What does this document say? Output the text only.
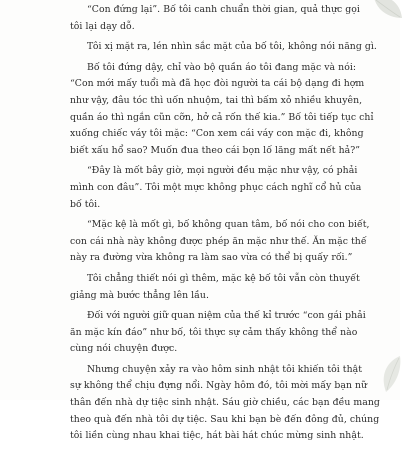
“Con đứng lại”. Bố tôi canh chuẩn thời gian, quả thực gọi
tôi lại dạy dỗ.
Tôi xị mặt ra, lén nhìn sắc mặt của bố tôi, không nói năng gì.
Bố tôi đứng dậy, chỉ vào bộ quần áo tôi đang mặc và nói:
“Con mới mấy tuổi mà đã học đòi người ta cái bộ dạng đi hợm
như vậy, đâu tóc thì uốn nhuộm, tai thì bấm xỏ nhiều khuyên,
quần áo thì ngắn cũn cỡn, hở cả rốn thế kia.” Bố tôi tiếp tục chỉ
xuống chiếc váy tôi mặc: “Con xem cái váy con mặc đi, không
biết xấu hổ sao? Muốn đua theo cái bọn lố lăng mất nết hả?”
“Đây là mốt bây giờ, mọi người đều mặc như vậy, có phải
mình con đâu”. Tôi một mực không phục cách nghĩ cổ hủ của
bố tôi.
“Mặc kệ là mốt gì, bố không quan tâm, bố nói cho con biết,
con cái nhà này không được phép ăn mặc như thế. Ăn mặc thế
này ra đường vừa không ra làm sao vừa có thể bị quấy rối.”
Tôi chẳng thiết nói gì thêm, mặc kệ bố tôi vẫn còn thuyết
giảng mà bước thẳng lên lầu.
Đối với người giữ quan niệm của thế kỉ trước “con gái phải
ăn mặc kín đáo” như bố, tôi thực sự cảm thấy không thể nào
cùng nói chuyện được.
Nhưng chuyện xảy ra vào hôm sinh nhật tôi khiến tôi thật
sự không thể chịu đựng nổi. Ngày hôm đó, tôi mời mấy bạn nữ
thân đến nhà dự tiệc sinh nhật. Sáu giờ chiều, các bạn đều mang
theo quà đến nhà tôi dự tiệc. Sau khi bạn bè đến đông đủ, chúng
tôi liền cùng nhau khai tiệc, hát bài hát chúc mừng sinh nhật.
